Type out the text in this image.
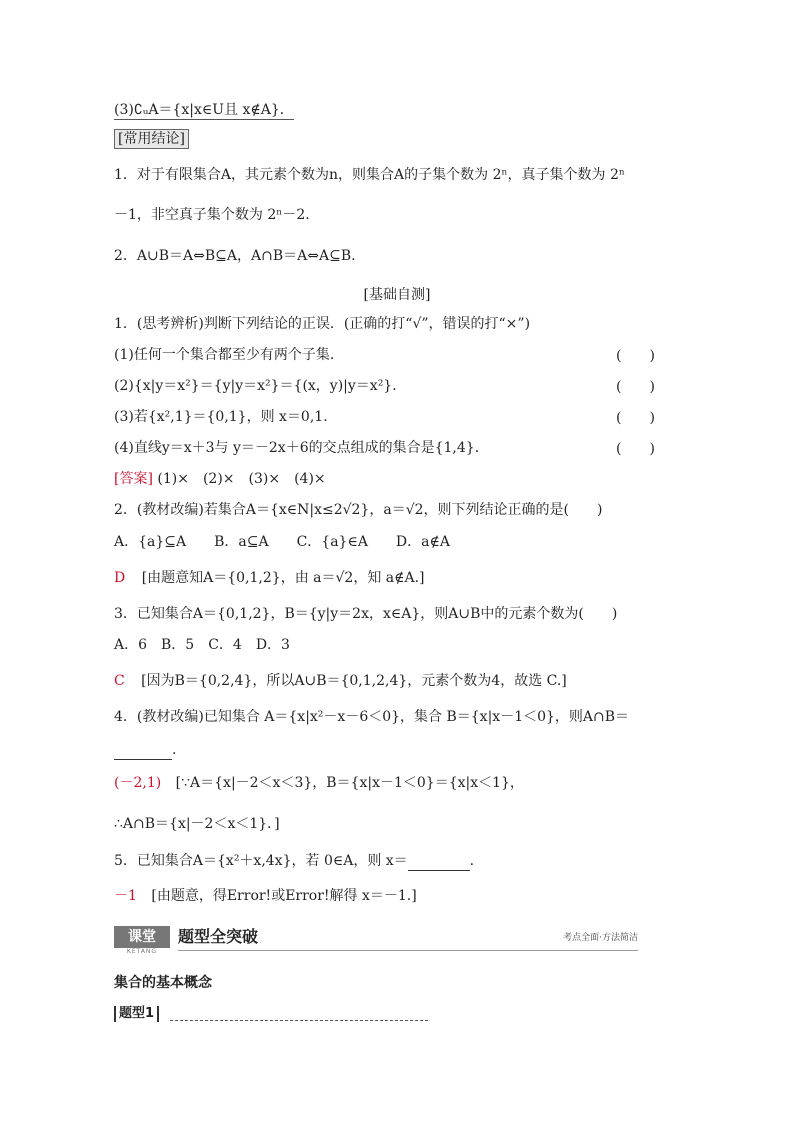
(3)∁ᵤA＝{x|x∈U且 x∉A}．
[常用结论]
1．对于有限集合A，其元素个数为n，则集合A的子集个数为 2ⁿ，真子集个数为 2ⁿ
－1，非空真子集个数为 2ⁿ－2.
2．A∪B＝A⇔B⊆A，A∩B＝A⇔A⊆B.
[基础自测]
1．(思考辨析)判断下列结论的正误．(正确的打“√”，错误的打“×”)
(1)任何一个集合都至少有两个子集．	(　　)
(2){x|y＝x²}＝{y|y＝x²}＝{(x，y)|y＝x²}．	(　　)
(3)若{x²,1}＝{0,1}，则 x＝0,1.	(　　)
(4)直线y＝x＋3与 y＝－2x＋6的交点组成的集合是{1,4}．	(　　)
[答案] (1)×　(2)×　(3)×　(4)×
2．(教材改编)若集合A＝{x∈N|x≤2√2}，a＝√2，则下列结论正确的是(　　)
A．{a}⊆A　　B．a⊆A　　C．{a}∈A　　D．a∉A
D [由题意知A＝{0,1,2}，由 a＝√2，知 a∉A.]
3．已知集合A＝{0,1,2}，B＝{y|y＝2x，x∈A}，则A∪B中的元素个数为(　　)
A．6　B．5　C．4　D．3
C [因为B＝{0,2,4}，所以A∪B＝{0,1,2,4}，元素个数为4，故选 C.]
4．(教材改编)已知集合 A＝{x|x²－x－6＜0}，集合 B＝{x|x－1＜0}，则A∩B＝
.
(－2,1) [∵A＝{x|－2＜x＜3}，B＝{x|x－1＜0}＝{x|x＜1}，
∴A∩B＝{x|－2＜x＜1}．]
5．已知集合A＝{x²＋x,4x}，若 0∈A，则 x＝	.
－1 [由题意，得Error!或Error!解得 x＝－1.]
课堂
KETANG
题型全突破	考点全面·方法简洁
集合的基本概念
题型1
